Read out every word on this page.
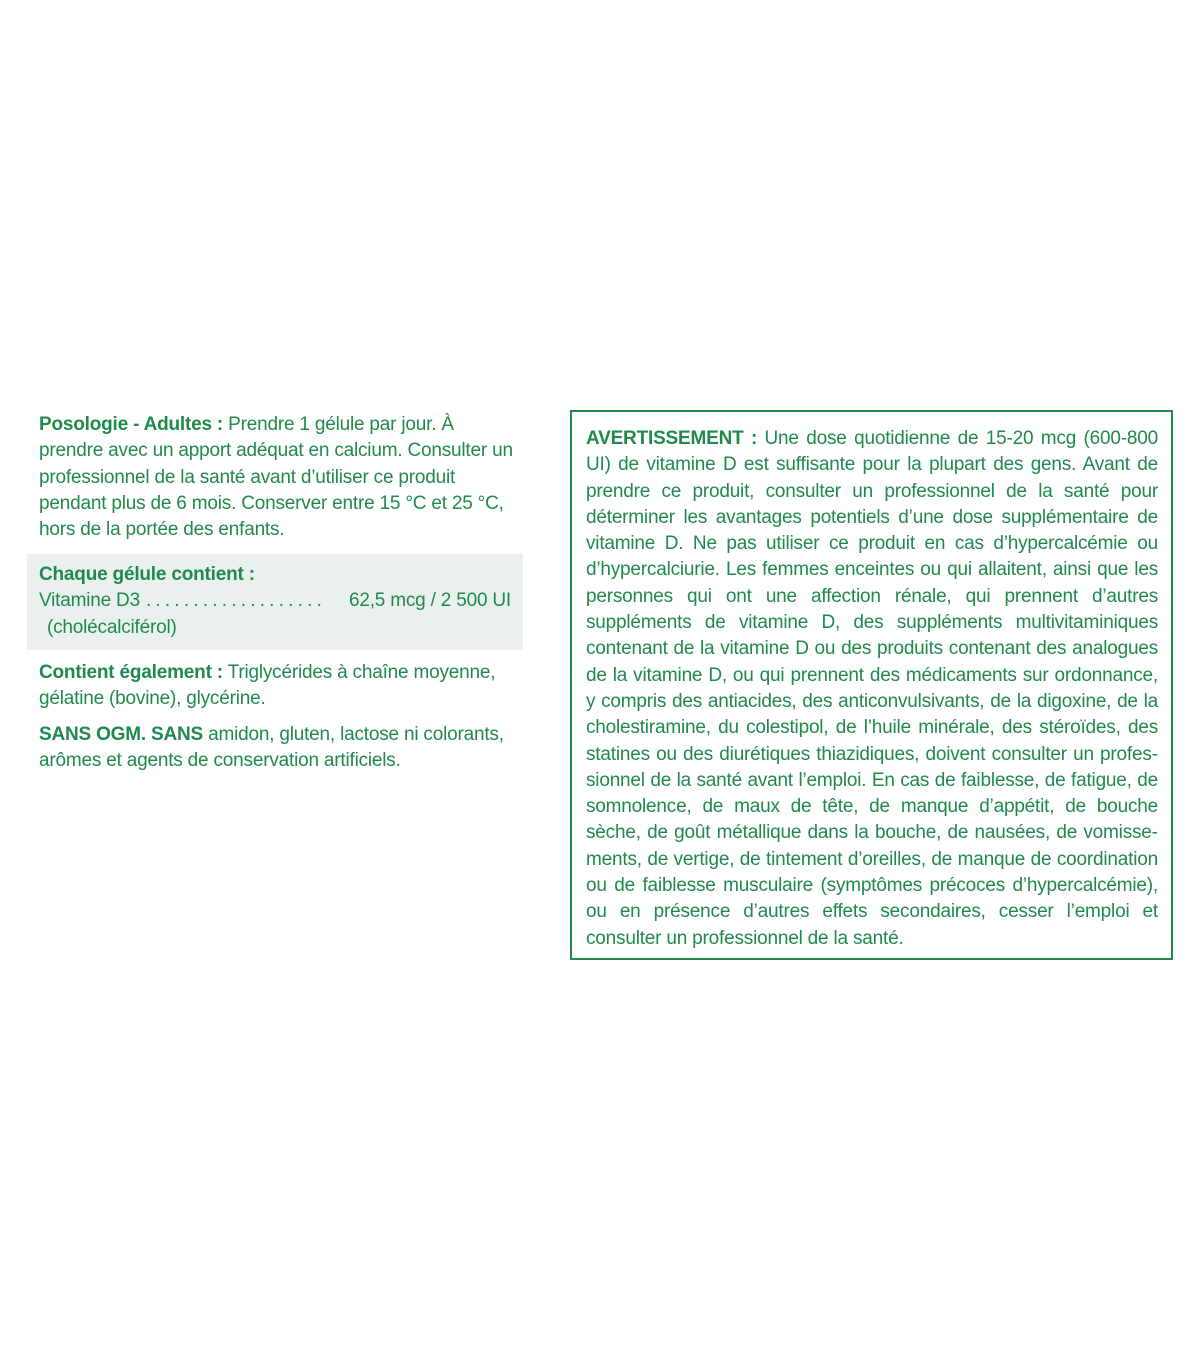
Posologie - Adultes : Prendre 1 gélule par jour. À prendre avec un apport adéquat en calcium. Consulter un professionnel de la santé avant d’utiliser ce produit pendant plus de 6 mois. Conserver entre 15 °C et 25 °C, hors de la portée des enfants.

Chaque gélule contient :

Vitamine D3 ...................	62,5 mcg / 2 500 UI

(cholécalciférol)

Contient également : Triglycérides à chaîne moyenne, gélatine (bovine), glycérine.

SANS OGM. SANS amidon, gluten, lactose ni colorants, arômes et agents de conservation artificiels.

AVERTISSEMENT : Une dose quotidienne de 15-20 mcg (600-800 UI) de vitamine D est suffisante pour la plupart des gens. Avant de prendre ce produit, consulter un professionnel de la santé pour déterminer les avantages potentiels d’une dose supplémentaire de vitamine D. Ne pas utiliser ce produit en cas d’hypercalcémie ou d’hypercalciurie. Les femmes enceintes ou qui allaitent, ainsi que les personnes qui ont une affection rénale, qui prennent d’autres suppléments de vitamine D, des suppléments multivitaminiques contenant de la vitamine D ou des produits contenant des analogues de la vitamine D, ou qui prennent des médicaments sur ordonnance, y compris des antiacides, des anticonvulsivants, de la digoxine, de la cholestiramine, du colestipol, de l’huile minérale, des stéroïdes, des statines ou des diurétiques thiazidiques, doivent consulter un professionnel de la santé avant l’emploi. En cas de faiblesse, de fatigue, de somnolence, de maux de tête, de manque d’appétit, de bouche sèche, de goût métallique dans la bouche, de nausées, de vomissements, de vertige, de tintement d’oreilles, de manque de coordination ou de faiblesse musculaire (symptômes précoces d’hypercalcémie), ou en présence d’autres effets secondaires, cesser l’emploi et consulter un professionnel de la santé.
